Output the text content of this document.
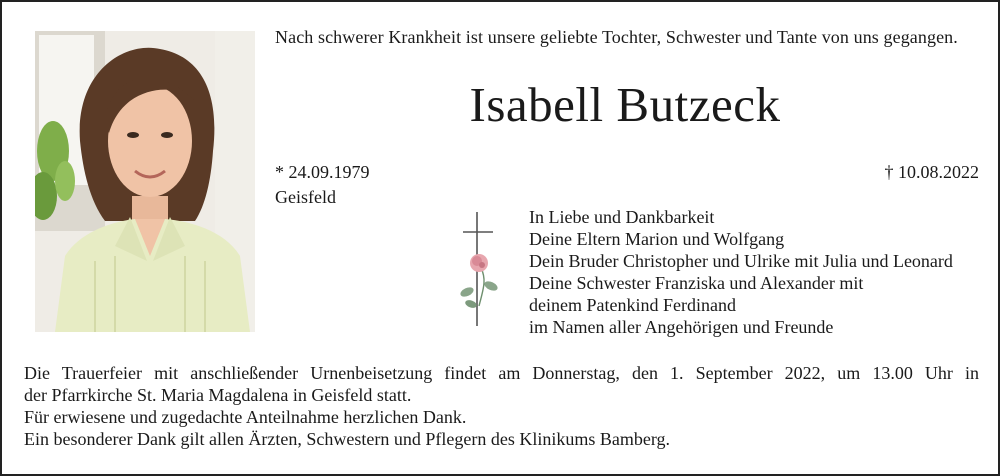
Nach schwerer Krankheit ist unsere geliebte Tochter, Schwester und Tante von uns gegangen.
Isabell Butzeck
* 24.09.1979
Geisfeld
† 10.08.2022
In Liebe und Dankbarkeit
Deine Eltern Marion und Wolfgang
Dein Bruder Christopher und Ulrike mit Julia und Leonard
Deine Schwester Franziska und Alexander mit
deinem Patenkind Ferdinand
im Namen aller Angehörigen und Freunde
Die Trauerfeier mit anschließender Urnenbeisetzung findet am Donnerstag, den 1. September 2022, um 13.00 Uhr in
der Pfarrkirche St. Maria Magdalena in Geisfeld statt.
Für erwiesene und zugedachte Anteilnahme herzlichen Dank.
Ein besonderer Dank gilt allen Ärzten, Schwestern und Pflegern des Klinikums Bamberg.
